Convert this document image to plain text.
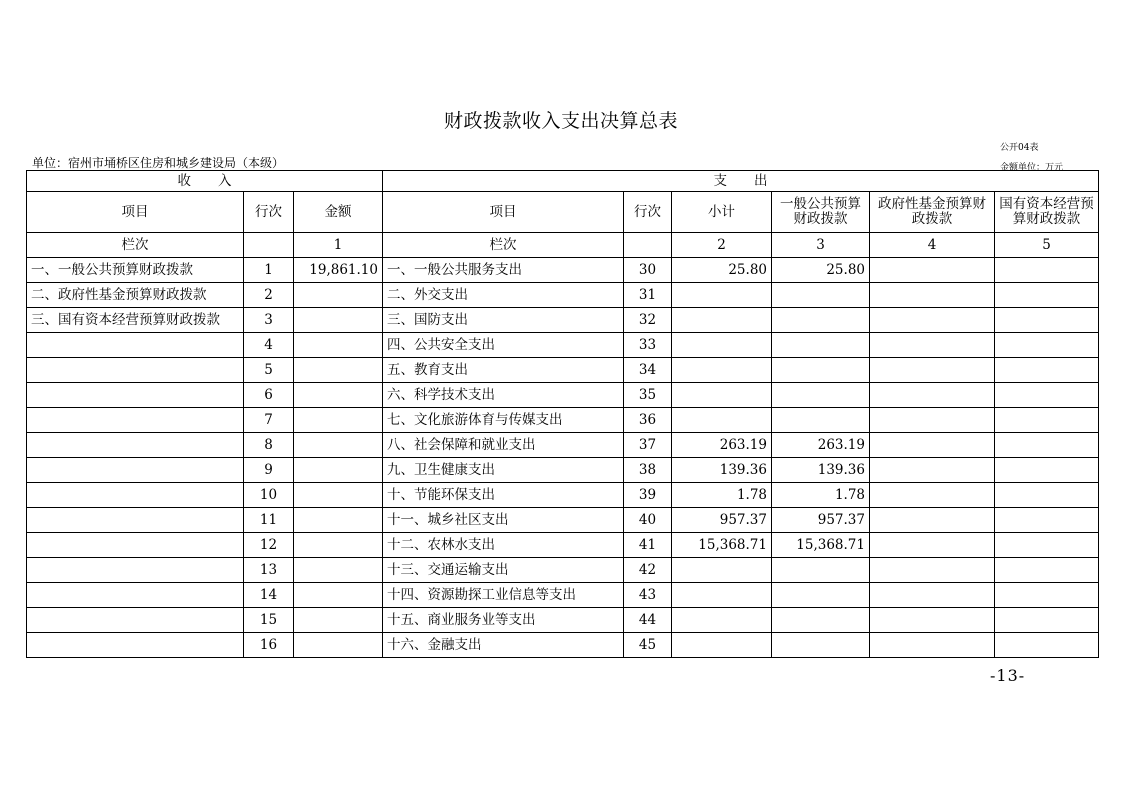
财政拨款收入支出决算总表
公开04表
单位：宿州市埇桥区住房和城乡建设局（本级）	金额单位：万元
收　　入			支　　出					
项目	行次	金额	项目	行次	小计	一般公共预算财政拨款	政府性基金预算财政拨款	国有资本经营预算财政拨款
栏次		1	栏次		2	3	4	5
一、一般公共预算财政拨款	1	19,861.10	一、一般公共服务支出	30	25.80	25.80		
二、政府性基金预算财政拨款	2		二、外交支出	31				
三、国有资本经营预算财政拨款	3		三、国防支出	32				
	4		四、公共安全支出	33				
	5		五、教育支出	34				
	6		六、科学技术支出	35				
	7		七、文化旅游体育与传媒支出	36				
	8		八、社会保障和就业支出	37	263.19	263.19		
	9		九、卫生健康支出	38	139.36	139.36		
	10		十、节能环保支出	39	1.78	1.78		
	11		十一、城乡社区支出	40	957.37	957.37		
	12		十二、农林水支出	41	15,368.71	15,368.71		
	13		十三、交通运输支出	42				
	14		十四、资源勘探工业信息等支出	43				
	15		十五、商业服务业等支出	44				
	16		十六、金融支出	45				
-13-
